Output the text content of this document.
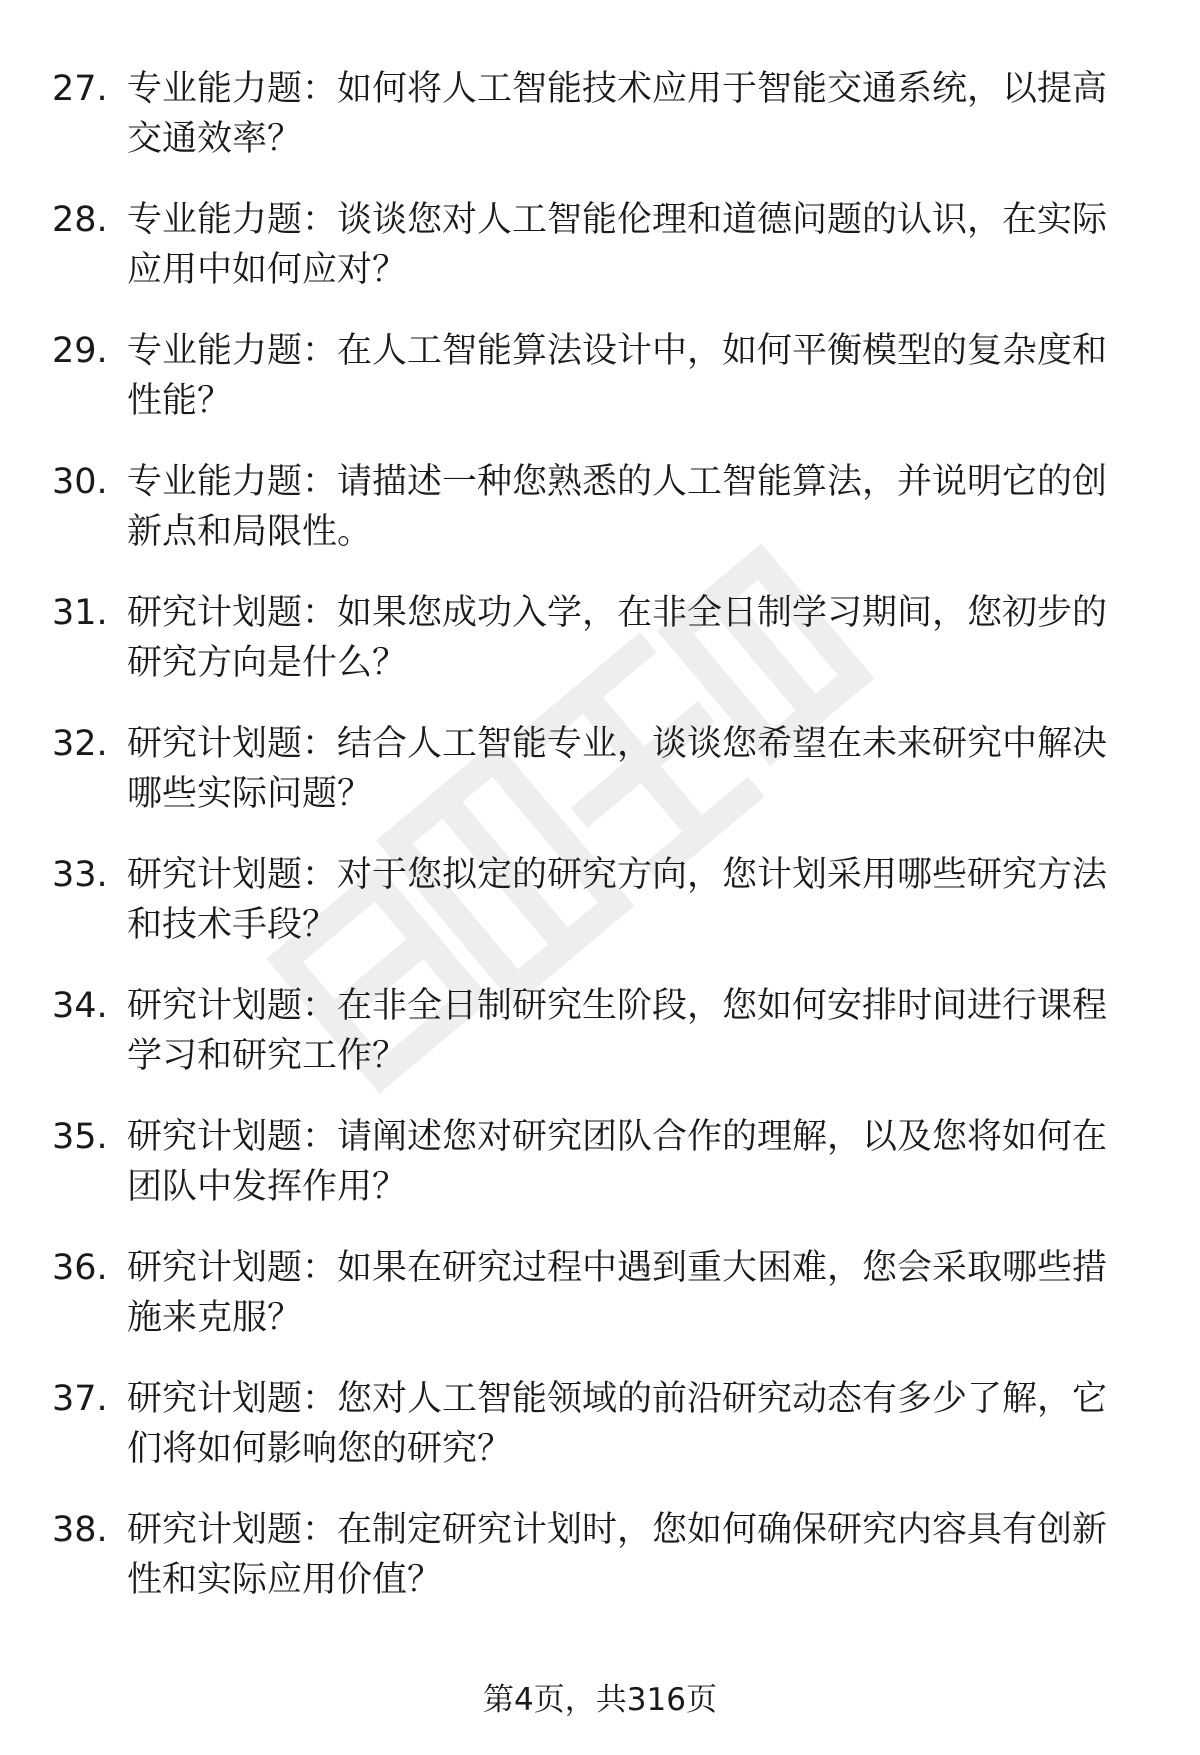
27. 专业能力题：如何将人工智能技术应用于智能交通系统，以提高交通效率？
28. 专业能力题：谈谈您对人工智能伦理和道德问题的认识，在实际应用中如何应对？
29. 专业能力题：在人工智能算法设计中，如何平衡模型的复杂度和性能？
30. 专业能力题：请描述一种您熟悉的人工智能算法，并说明它的创新点和局限性。
31. 研究计划题：如果您成功入学，在非全日制学习期间，您初步的研究方向是什么？
32. 研究计划题：结合人工智能专业，谈谈您希望在未来研究中解决哪些实际问题？
33. 研究计划题：对于您拟定的研究方向，您计划采用哪些研究方法和技术手段？
34. 研究计划题：在非全日制研究生阶段，您如何安排时间进行课程学习和研究工作？
35. 研究计划题：请阐述您对研究团队合作的理解，以及您将如何在团队中发挥作用？
36. 研究计划题：如果在研究过程中遇到重大困难，您会采取哪些措施来克服？
37. 研究计划题：您对人工智能领域的前沿研究动态有多少了解，它们将如何影响您的研究？
38. 研究计划题：在制定研究计划时，您如何确保研究内容具有创新性和实际应用价值？
第4页，共316页
